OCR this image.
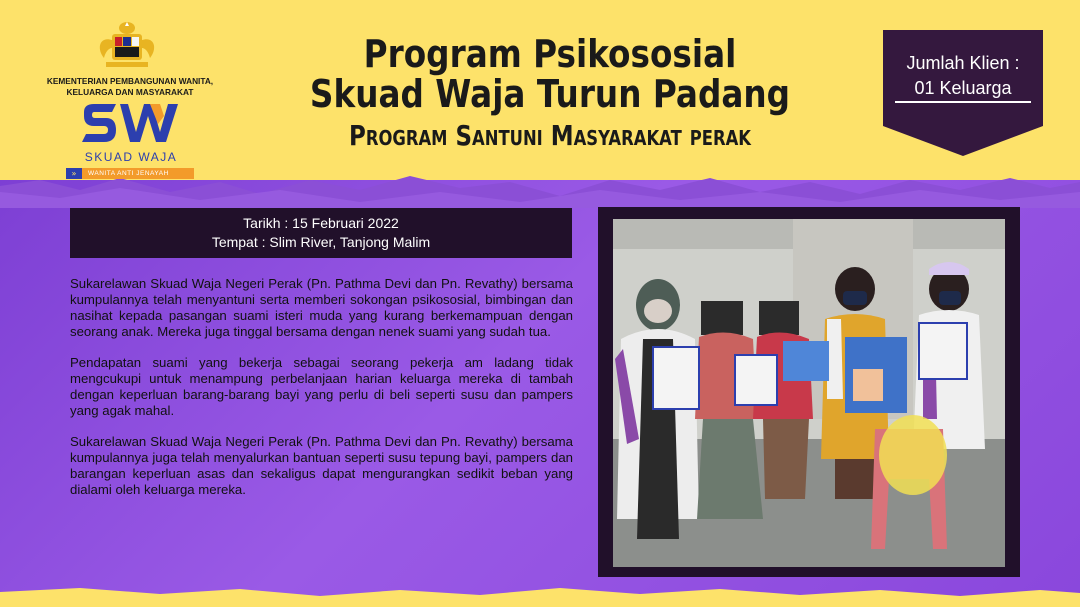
KEMENTERIAN PEMBANGUNAN WANITA, KELUARGA DAN MASYARAKAT
SKUAD WAJA
»	WANITA ANTI JENAYAH
Program Psikososial
Skuad Waja Turun Padang
Program Santuni Masyarakat perak
Jumlah Klien :
01 Keluarga
Tarikh : 15 Februari 2022
Tempat : Slim River, Tanjong Malim

Sukarelawan Skuad Waja Negeri Perak (Pn. Pathma Devi dan Pn. Revathy) bersama kumpulannya telah menyantuni serta memberi sokongan psikososial, bimbingan dan nasihat kepada pasangan suami isteri muda yang kurang berkemampuan dengan seorang anak. Mereka juga tinggal bersama dengan nenek suami yang sudah tua.

Pendapatan suami yang bekerja sebagai seorang pekerja am ladang tidak mengcukupi untuk menampung perbelanjaan harian keluarga mereka di tambah dengan keperluan barang-barang bayi yang perlu di beli seperti susu dan pampers yang agak mahal.

Sukarelawan Skuad Waja Negeri Perak (Pn. Pathma Devi dan Pn. Revathy) bersama kumpulannya juga telah menyalurkan bantuan seperti susu tepung bayi, pampers dan barangan keperluan asas dan sekaligus dapat mengurangkan sedikit beban yang dialami oleh keluarga mereka.
